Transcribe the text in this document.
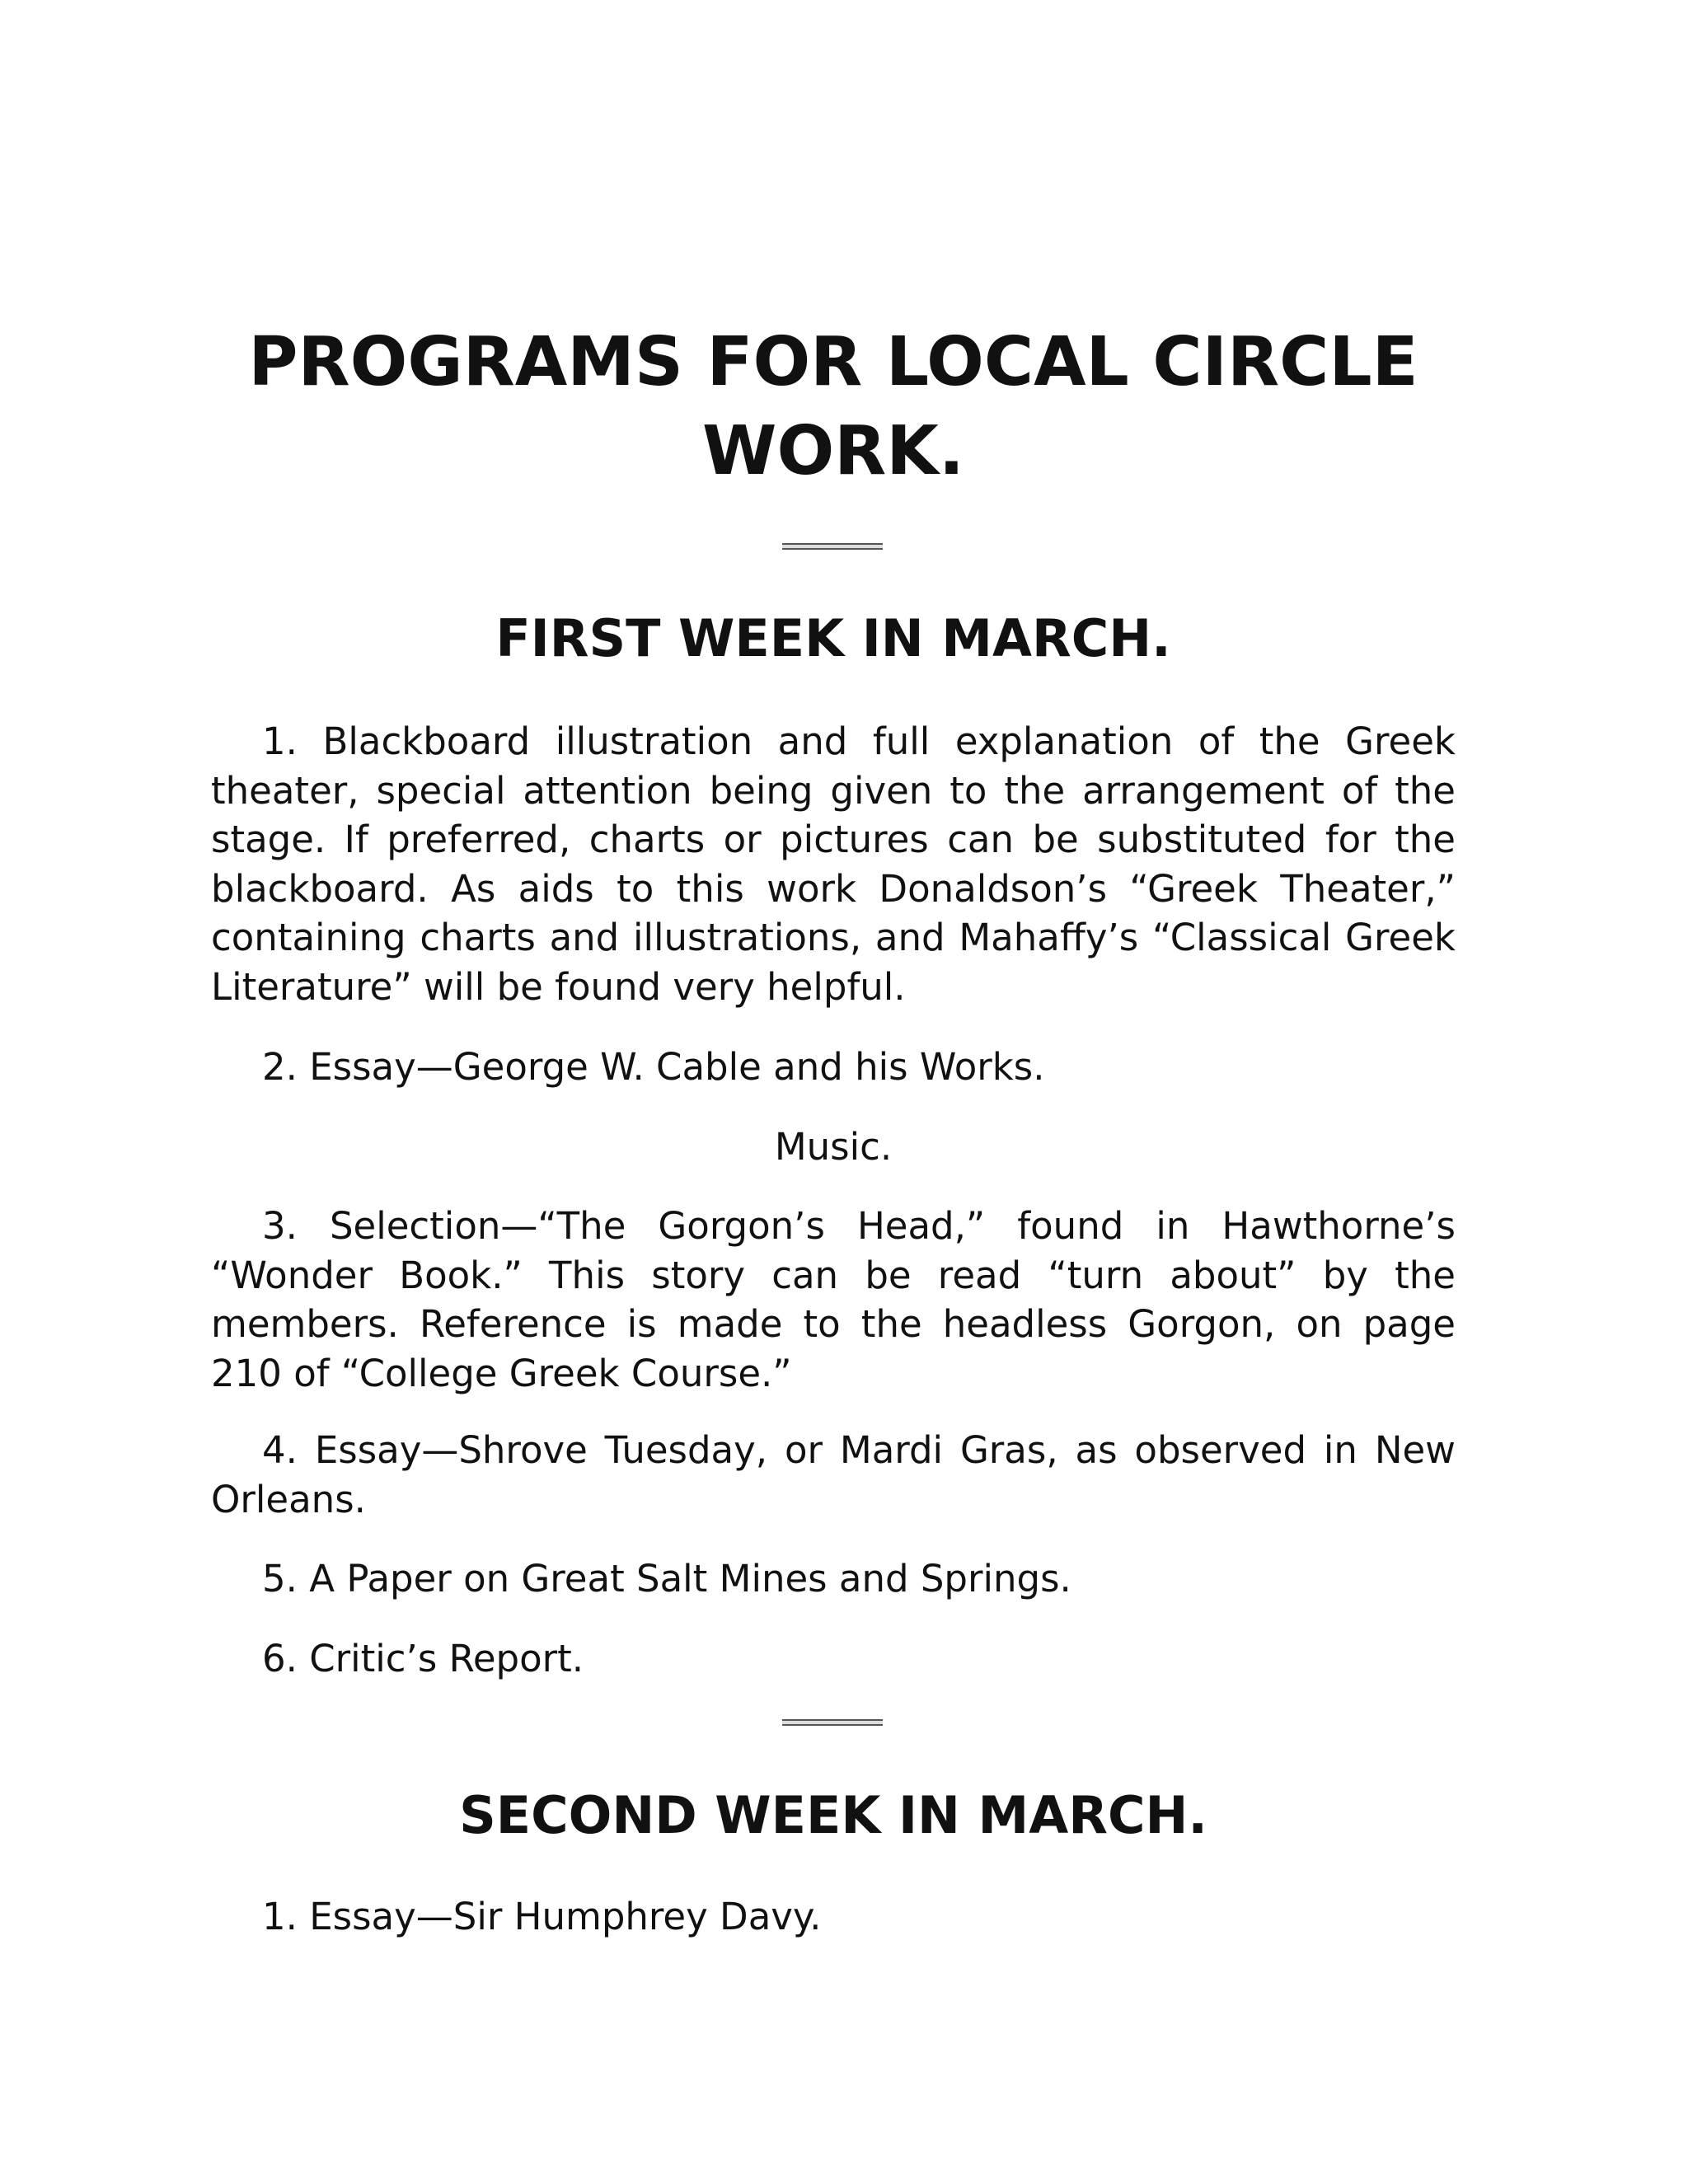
PROGRAMS FOR LOCAL CIRCLE WORK.
FIRST WEEK IN MARCH.

1. Blackboard illustration and full explanation of the Greek theater, special attention being given to the arrangement of the stage. If preferred, charts or pictures can be substituted for the blackboard. As aids to this work Donaldson’s “Greek Theater,” containing charts and illustrations, and Mahaffy’s “Classical Greek Literature” will be found very helpful.

2. Essay—George W. Cable and his Works.

Music.

3. Selection—“The Gorgon’s Head,” found in Hawthorne’s “Wonder Book.” This story can be read “turn about” by the members. Reference is made to the headless Gorgon, on page 210 of “College Greek Course.”

4. Essay—Shrove Tuesday, or Mardi Gras, as observed in New Orleans.

5. A Paper on Great Salt Mines and Springs.

6. Critic’s Report.

SECOND WEEK IN MARCH.

1. Essay—Sir Humphrey Davy.
